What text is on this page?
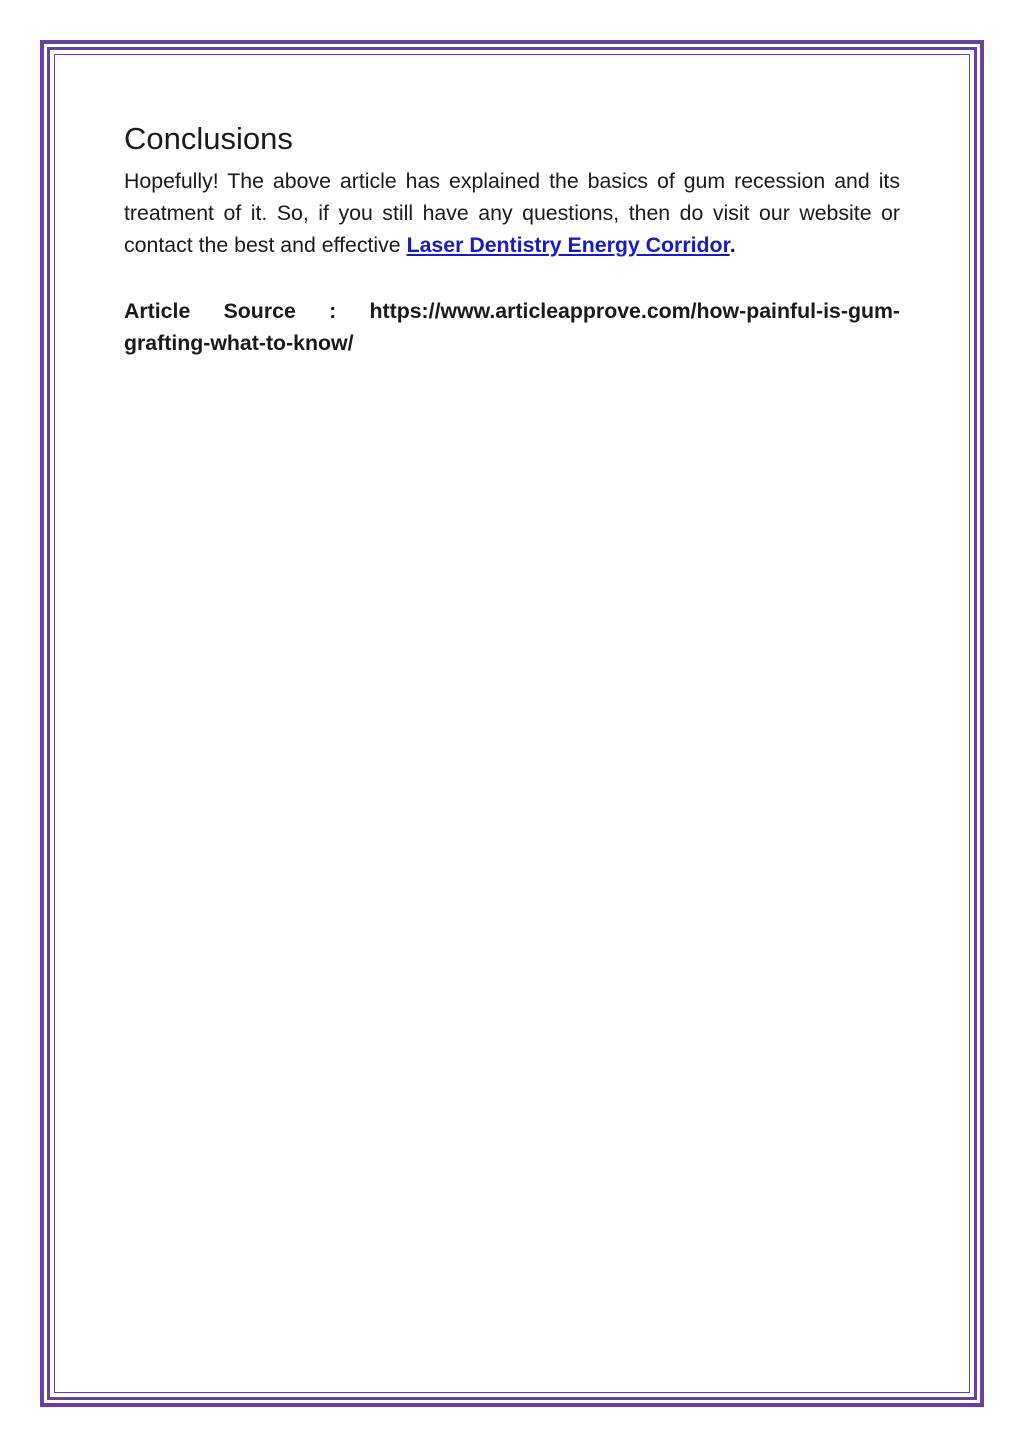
Conclusions

Hopefully! The above article has explained the basics of gum recession and its treatment of it. So, if you still have any questions, then do visit our website or contact the best and effective Laser Dentistry Energy Corridor.

Article Source : https://www.articleapprove.com/how-painful-is-gum-grafting-what-to-know/
